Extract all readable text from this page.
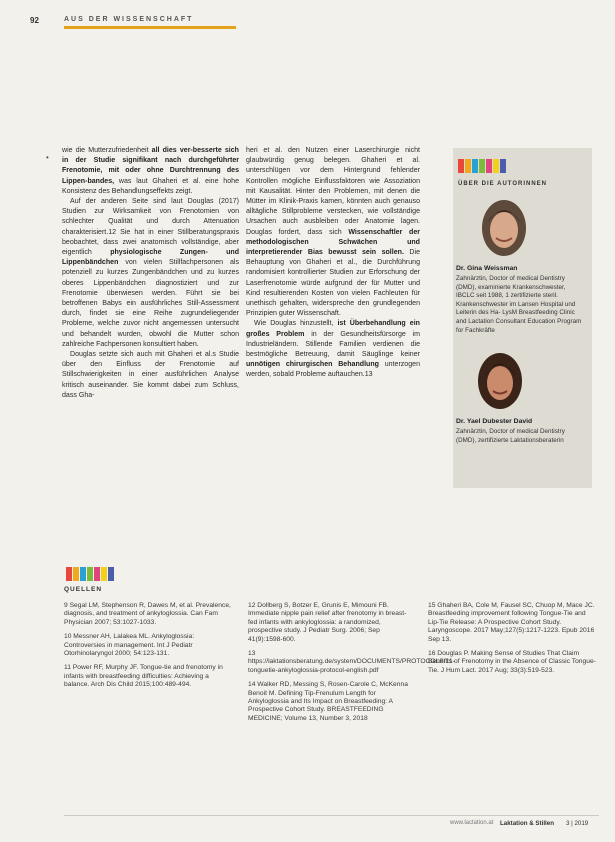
92	AUS DER WISSENSCHAFT
•

wie die Mutterzufriedenheit all dies ver-besserte sich in der Studie signifikant nach durchgeführter Frenotomie, mit oder ohne Durchtrennung des Lippen-bandes, was laut Ghaheri et al. eine hohe Konsistenz des Behandlungseffekts zeigt.

Auf der anderen Seite sind laut Douglas (2017) Studien zur Wirksamkeit von Frenotomien von schlechter Qualität und durch Attenuation charakterisiert.12 Sie hat in einer Stillberatungspraxis beobachtet, dass zwei anatomisch vollständige, aber eigentlich physiologische Zungen- und Lippenbändchen von vielen Stillfachpersonen als potenziell zu kurzes Zungenbändchen und zu kurzes oberes Lippenbändchen diagnostiziert und zur Frenotomie überwiesen werden. Führt sie bei betroffenen Babys ein ausführliches Still-Assessment durch, findet sie eine Reihe zugrundeliegender Probleme, welche zuvor nicht angemessen untersucht und behandelt wurden, obwohl die Mutter schon zahlreiche Fachpersonen konsultiert haben.

Douglas setzte sich auch mit Ghaheri et al.s Studie über den Einfluss der Frenotomie auf Stillschwierigkeiten in einer ausführlichen Analyse kritisch auseinander. Sie kommt dabei zum Schluss, dass Gha-

heri et al. den Nutzen einer Laserchirurgie nicht glaubwürdig genug belegen. Ghaheri et al. unterschlügen vor dem Hintergrund fehlender Kontrollen mögliche Einflussfaktoren wie Assoziation mit Kausalität. Hinter den Problemen, mit denen die Mütter im Klinik-Praxis kamen, könnten auch genauso alltägliche Stillprobleme verstecken, wie vollständige Ursachen auch ausbleiben oder Anatomie lagen. Douglas fordert, dass sich Wissenschaftler der methodologischen Schwächen und interpretierender Bias bewusst sein sollen. Die Behauptung von Ghaheri et al., die Durchführung randomisiert kontrollierter Studien zur Erforschung der Laserfrenotomie würde aufgrund der für Mutter und Kind resultierenden Kosten von vielen Fachleuten für unethisch gehalten, widerspreche den grundlegenden Prinzipien guter Wissenschaft.

Wie Douglas hinzustellt, ist Überbehandlung ein großes Problem in der Gesundheitsfürsorge im Industrieländern. Stillende Familien verdienen die bestmögliche Betreuung, damit Säuglinge keiner unnötigen chirurgischen Behandlung unterzogen werden, sobald Probleme auftauchen.13

ÜBER DIE AUTORINNEN
Dr. Gina Weissman
Zahnärztin, Doctor of medical Dentistry (DMD), examinierte Krankenschwester, IBCLC seit 1988, 1 zertifizierte steril. Krankenschwester im Lansen Hospital und Leiterin des Ha- LysM Breastfeeding Clinic and Lactation Consultant Education Program for Fachkräfte
Dr. Yael Dubester David
Zahnärztin, Doctor of medical Dentistry (DMD), zertifizierte Laktationsberaterin
QUELLEN
9 Segal LM, Stephenson R, Dawes M, et al. Prevalence, diagnosis, and treatment of ankyloglossia. Can Fam Physician 2007; 53:1027-1033.
10 Messner AH, Lalakea ML. Ankyloglossia: Controversies in management. Int J Pediatr Otorhinolaryngol 2000; 54:123-131.
11 Power RF, Murphy JF. Tongue-tie and frenotomy in infants with breastfeeding difficulties: Achieving a balance. Arch Dis Child 2015;100:489-494.
12 Dollberg S, Botzer E, Grunis E, Mimouni FB. Immediate nipple pain relief after frenotomy in breast-fed infants with ankyloglossia: a randomized, prospective study. J Pediatr Surg. 2006; Sep 41(9):1598-600.
13 https://laktationsberatung.de/system/DOCUMENTS/PROTOCOLS/11-tonguetie-ankyloglossia-protocol-english.pdf
14 Walker RD, Messing S, Rosen-Carole C, McKenna Benoit M. Defining Tip-Frenulum Length for Ankyloglossia and Its Impact on Breastfeeding: A Prospective Cohort Study. BREASTFEEDING MEDICINE; Volume 13, Number 3, 2018
15 Ghaheri BA, Cole M, Fausel SC, Chuop M, Mace JC. Breastfeeding improvement following Tongue-Tie and Lip-Tie Release: A Prospective Cohort Study. Laryngoscope. 2017 May;127(5):1217-1223. Epub 2016 Sep 13.
16 Douglas P. Making Sense of Studies That Claim Benefits of Frenotomy in the Absence of Classic Tongue-Tie. J Hum Lact. 2017 Aug; 33(3):519-523.
www.lactation.at Laktation & Stillen 3 | 2019
